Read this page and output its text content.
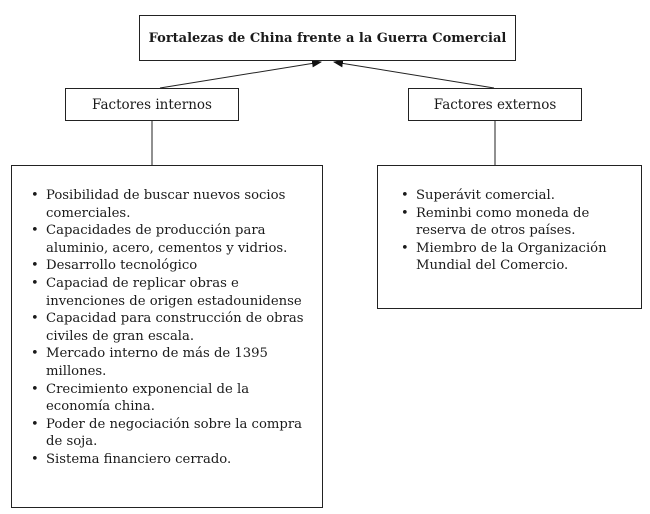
Fortalezas de China frente a la Guerra Comercial
Factores internos	Factores externos
• Posibilidad de buscar nuevos socios comerciales.
• Capacidades de producción para aluminio, acero, cementos y vidrios.
• Desarrollo tecnológico
• Capaciad de replicar obras e invenciones de origen estadounidense
• Capacidad para construcción de obras civiles de gran escala.
• Mercado interno de más de 1395 millones.
• Crecimiento exponencial de la economía china.
• Poder de negociación sobre la compra de soja.
• Sistema financiero cerrado.
• Superávit comercial.
• Reminbi como moneda de reserva de otros países.
• Miembro de la Organización Mundial del Comercio.
